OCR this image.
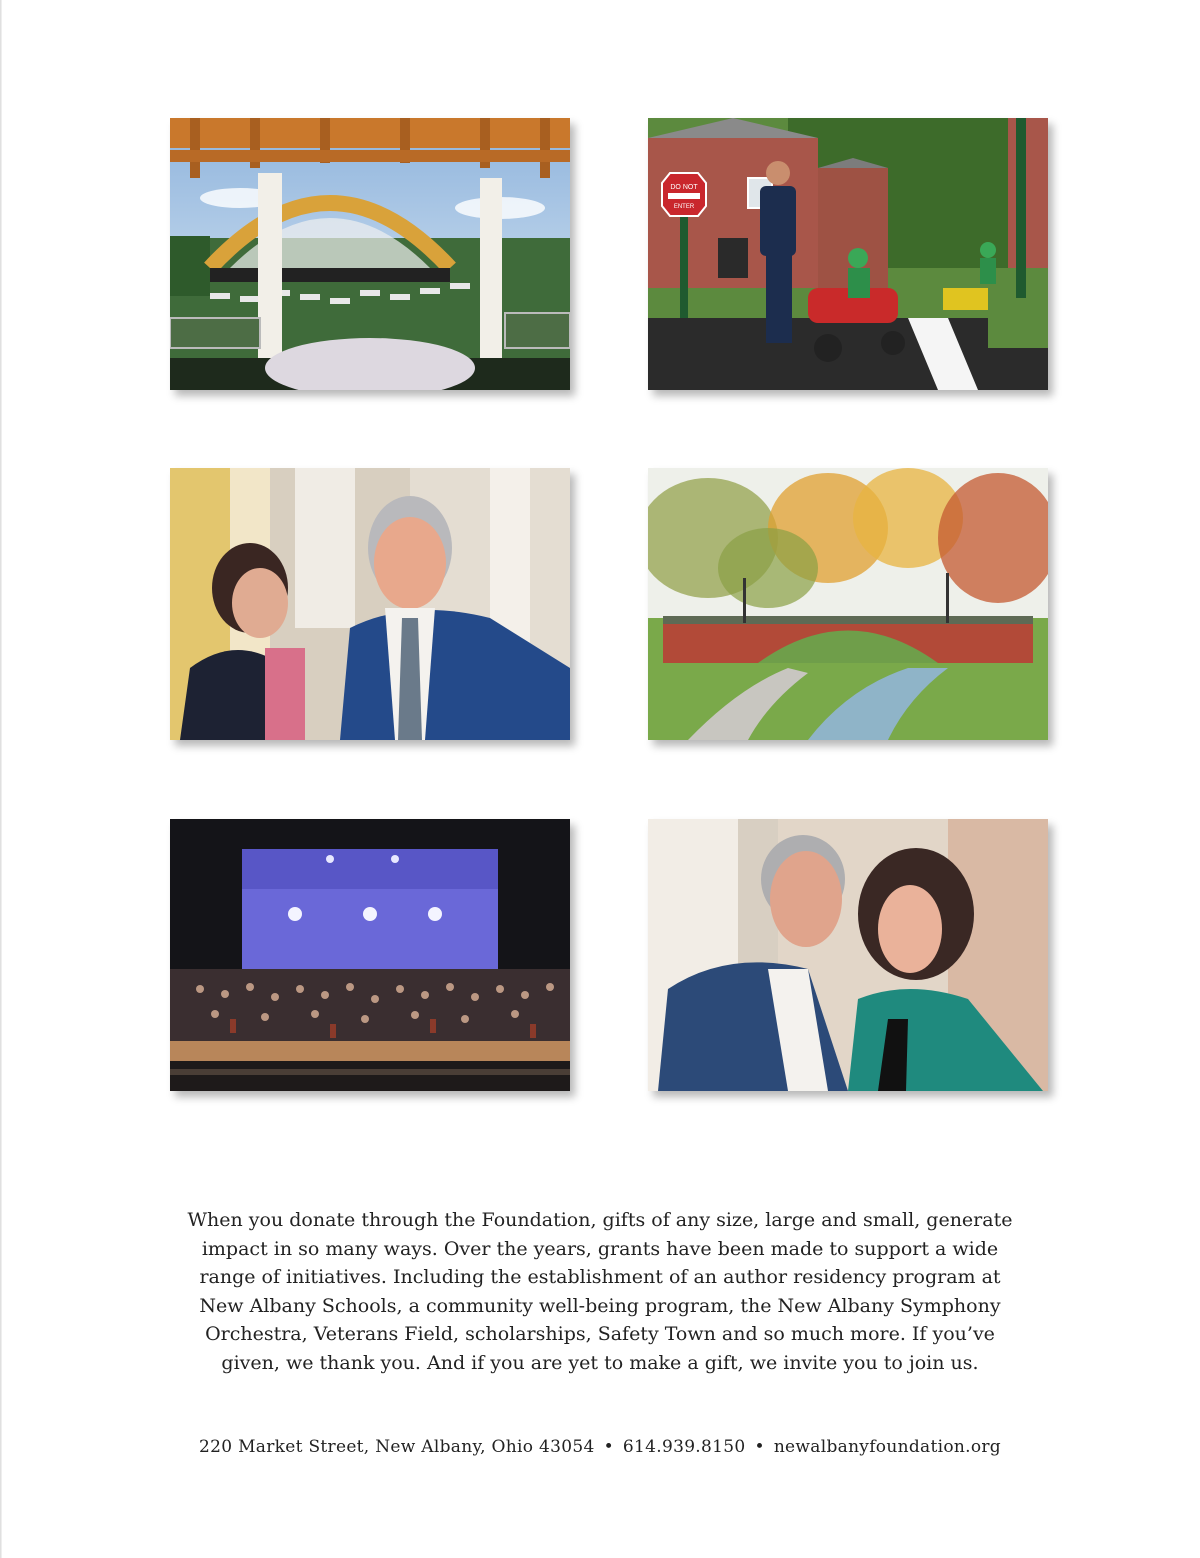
DO NOT
ENTER

When you donate through the Foundation, gifts of any size, large and small, generate impact in so many ways. Over the years, grants have been made to support a wide range of initiatives. Including the establishment of an author residency program at New Albany Schools, a community well-being program, the New Albany Symphony Orchestra, Veterans Field, scholarships, Safety Town and so much more. If you’ve given, we thank you. And if you are yet to make a gift, we invite you to join us.

220 Market Street, New Albany, Ohio 43054 • 614.939.8150 • newalbanyfoundation.org
